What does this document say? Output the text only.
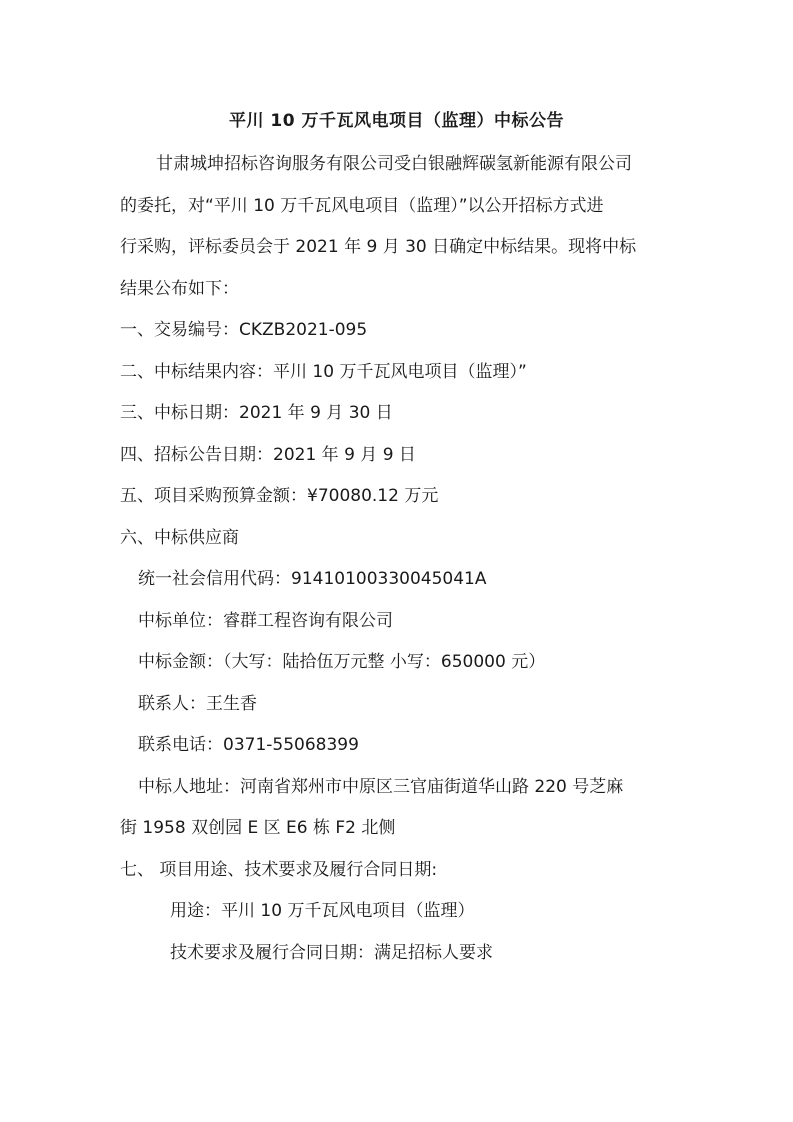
平川 10 万千瓦风电项目（监理）中标公告
甘肃城坤招标咨询服务有限公司受白银融辉碳氢新能源有限公司
的委托，对“平川 10 万千瓦风电项目（监理）”以公开招标方式进
行采购，评标委员会于 2021 年 9 月 30 日确定中标结果。现将中标
结果公布如下：
一、交易编号：CKZB2021-095
二、中标结果内容：平川 10 万千瓦风电项目（监理）”
三、中标日期：2021 年 9 月 30 日
四、招标公告日期：2021 年 9 月 9 日
五、项目采购预算金额：¥70080.12 万元
六、中标供应商
统一社会信用代码：91410100330045041A
中标单位：睿群工程咨询有限公司
中标金额：（大写：陆拾伍万元整 小写：650000 元）
联系人：王生香
联系电话：0371-55068399
中标人地址：河南省郑州市中原区三官庙街道华山路 220 号芝麻
街 1958 双创园 E 区 E6 栋 F2 北侧
七、 项目用途、技术要求及履行合同日期:
用途：平川 10 万千瓦风电项目（监理）
技术要求及履行合同日期：满足招标人要求
